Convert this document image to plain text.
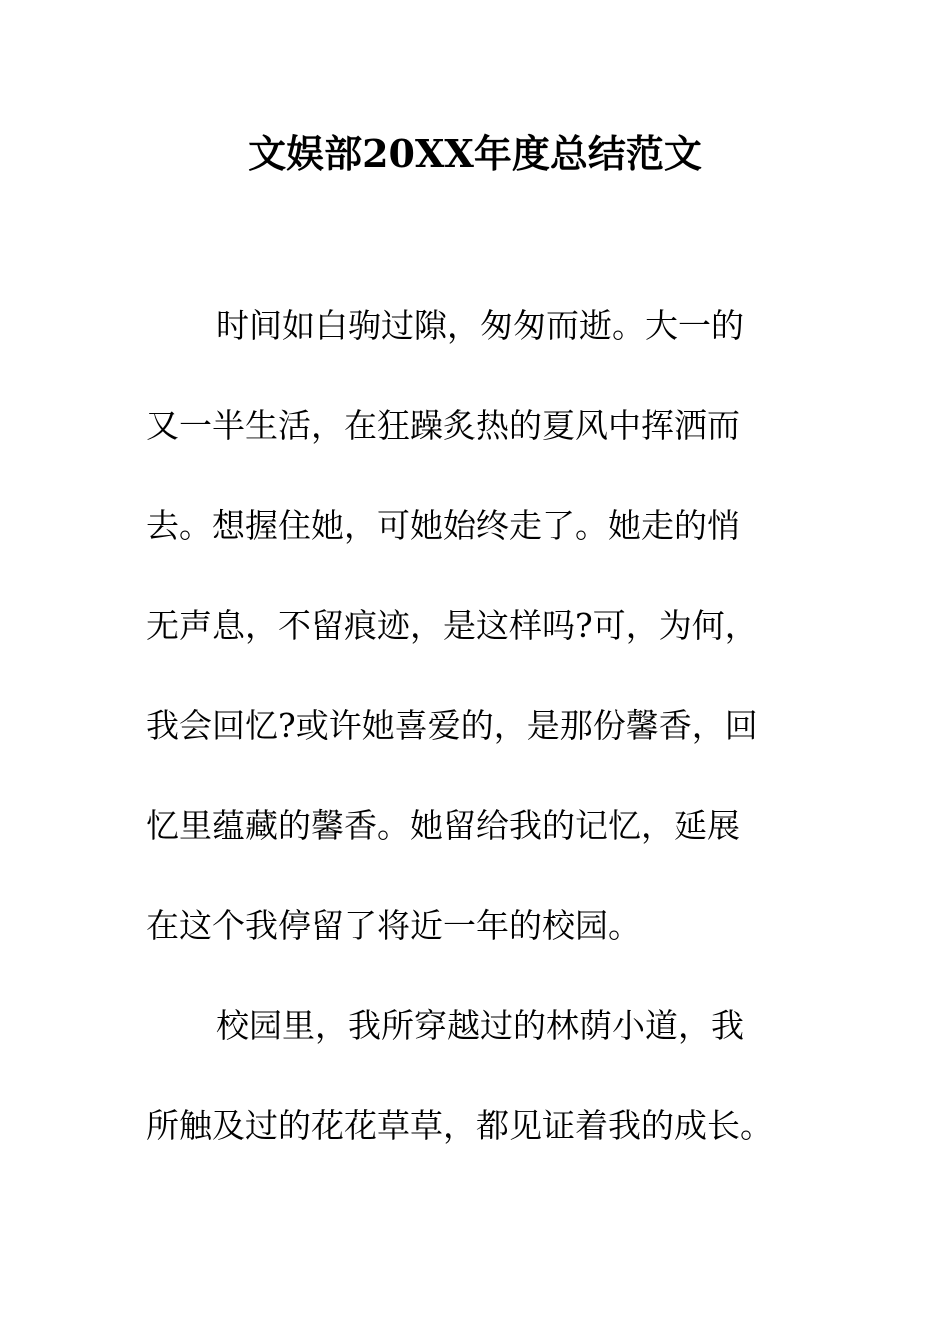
文娱部20XX年度总结范文
时间如白驹过隙，匆匆而逝。大一的
又一半生活，在狂躁炙热的夏风中挥洒而
去。想握住她，可她始终走了。她走的悄
无声息，不留痕迹，是这样吗?可，为何，
我会回忆?或许她喜爱的，是那份馨香，回
忆里蕴藏的馨香。她留给我的记忆，延展
在这个我停留了将近一年的校园。
校园里，我所穿越过的林荫小道，我
所触及过的花花草草，都见证着我的成长。
